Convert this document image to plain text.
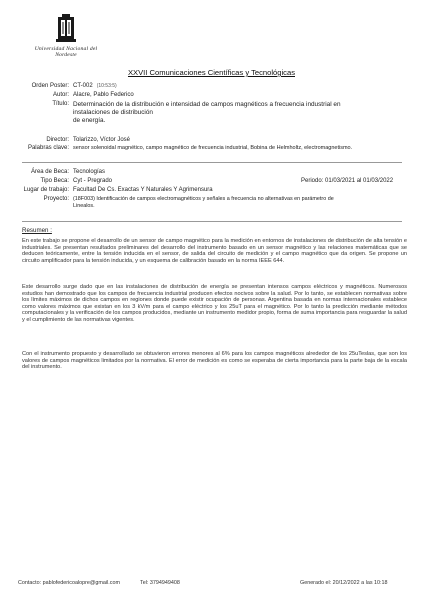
Universidad Nacional del Nordeste
XXVII Comunicaciones Científicas y Tecnológicas
Orden Poster: CT-002 (10:53:5)
Autor: Alacre, Pablo Federico
Título: Determinación de la distribución e intensidad de campos magnéticos a frecuencia industrial en
instalaciones de distribución
de energía.
Director: Tolarizzo, Víctor José
Palabras clave: sensor solenoidal magnético, campo magnético de frecuencia industrial, Bobina de Helmholtz, electromagnetismo.
Área de Beca: Tecnologías
Tipo Beca: Cyt - Pregrado	Periodo: 01/03/2021 al 01/03/2022
Lugar de trabajo: Facultad De Cs. Exactas Y Naturales Y Agrimensura
Proyecto: (18F003) Identificación de campos electromagnéticos y señales a frecuencia no alternativas en parámetro de
Linealos.
Resumen :
En este trabajo se propone el desarrollo de un sensor de campo magnético para la medición en entornos de instalaciones de distribución de alta tensión e industriales. Se presentan resultados preliminares del desarrollo del instrumento basado en un sensor magnético y las relaciones matemáticas que se deducen teóricamente, entre la tensión inducida en el sensor, de salida del circuito de medición y el campo magnético que da origen. Se propone un circuito amplificador para la tensión inducida, y un esquema de calibración basado en la norma IEEE 644.
Este desarrollo surge dado que en las instalaciones de distribución de energía se presentan intensos campos eléctricos y magnéticos. Numerosos estudios han demostrado que los campos de frecuencia industrial producen efectos nocivos sobre la salud. Por lo tanto, se establecen normativas sobre los límites máximos de dichos campos en regiones donde puede existir ocupación de personas. Argentina basada en normas internacionales establece como valores máximos que existan en los 3 kV/m para el campo eléctrico y los 25uT para el magnético. Por lo tanto la predicción mediante métodos computacionales y la verificación de los campos producidos, mediante un instrumento medidor propio, forma de suma importancia para resguardar la salud y el cumplimiento de las normativas vigentes.
Con el instrumento propuesto y desarrollado se obtuvieron errores menores al 6% para los campos magnéticos alrededor de los 25uTeslas, que son los valores de campos magnéticos limitados por la normativa. El error de medición es como se esperaba de cierta importancia para la parte baja de la escala del instrumento.
Contacto: pablofedericoalopre@gmail.com	Tel: 3794949408	Generado el: 20/12/2022 a las 10:18
